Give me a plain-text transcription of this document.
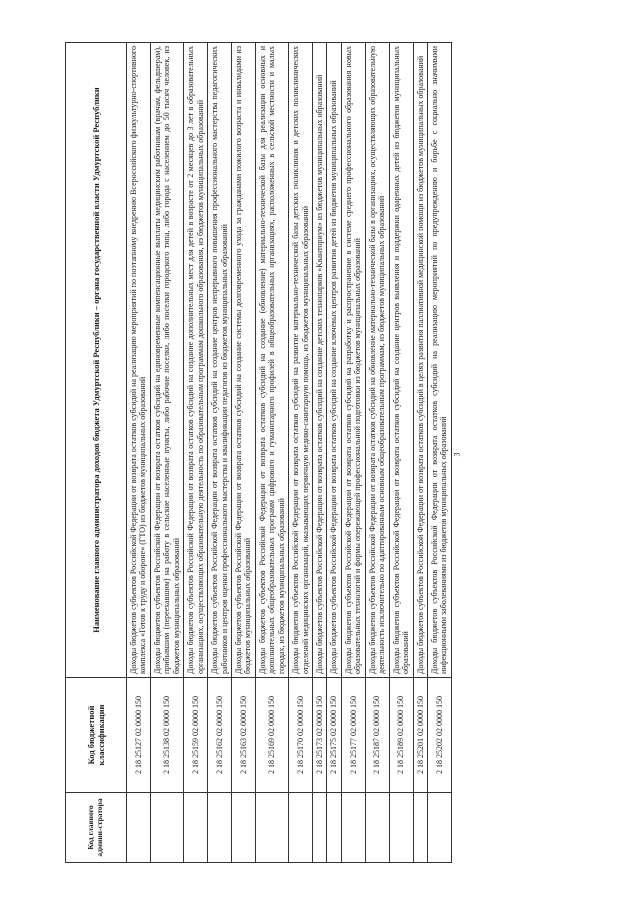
3
Код главного админи-стратора	Код бюджетной классификации	Наименование главного администратора доходов бюджета Удмуртской Республики – органа государственной власти Удмуртской Республики
	2 18 25127 02 0000 150	Доходы бюджетов субъектов Российской Федерации от возврата остатков субсидий на реализацию мероприятий по поэтапному внедрению Всероссийского физкультурно-спортивного комплекса «Готов к труду и обороне» (ГТО) из бюджетов муниципальных образований
	2 18 25138 02 0000 150	Доходы бюджетов субъектов Российской Федерации от возврата остатков субсидий на единовременные компенсационные выплаты медицинским работникам (врачам, фельдшерам), прибывшим (переехавшим) на работу в сельские населенные пункты, либо рабочие поселки, либо поселки городского типа, либо города с населением до 50 тысяч человек, из бюджетов муниципальных образований
	2 18 25159 02 0000 150	Доходы бюджетов субъектов Российской Федерации от возврата остатков субсидий на создание дополнительных мест для детей в возрасте от 2 месяцев до 3 лет в образовательных организациях, осуществляющих образовательную деятельность по образовательным программам дошкольного образования, из бюджетов муниципальных образований
	2 18 25162 02 0000 150	Доходы бюджетов субъектов Российской Федерации от возврата остатков субсидий на создание центров непрерывного повышения профессионального мастерства педагогических работников и центров оценки профессионального мастерства и квалификации педагогов из бюджетов муниципальных образований
	2 18 25163 02 0000 150	Доходы бюджетов субъектов Российской Федерации от возврата остатков субсидий на создание системы долговременного ухода за гражданами пожилого возраста и инвалидами из бюджетов муниципальных образований
	2 18 25169 02 0000 150	Доходы бюджетов субъектов Российской Федерации от возврата остатков субсидий на создание (обновление) материально-технической базы для реализации основных и дополнительных общеобразовательных программ цифрового и гуманитарного профилей в общеобразовательных организациях, расположенных в сельской местности и малых городах, из бюджетов муниципальных образований
	2 18 25170 02 0000 150	Доходы бюджетов субъектов Российской Федерации от возврата остатков субсидий на развитие материально-технической базы детских поликлиник и детских поликлинических отделений медицинских организаций, оказывающих первичную медико-санитарную помощь, из бюджетов муниципальных образований
	2 18 25173 02 0000 150	Доходы бюджетов субъектов Российской Федерации от возврата остатков субсидий на создание детских технопарков «Кванториум» из бюджетов муниципальных образований
	2 18 25175 02 0000 150	Доходы бюджетов субъектов Российской Федерации от возврата остатков субсидий на создание ключевых центров развития детей из бюджетов муниципальных образований
	2 18 25177 02 0000 150	Доходы бюджетов субъектов Российской Федерации от возврата остатков субсидий на разработку и распространение в системе среднего профессионального образования новых образовательных технологий и формы опережающей профессиональной подготовки из бюджетов муниципальных образований
	2 18 25187 02 0000 150	Доходы бюджетов субъектов Российской Федерации от возврата остатков субсидий на обновление материально-технической базы в организациях, осуществляющих образовательную деятельность исключительно по адаптированным основным общеобразовательным программам, из бюджетов муниципальных образований
	2 18 25189 02 0000 150	Доходы бюджетов субъектов Российской Федерации от возврата остатков субсидий на создание центров выявления и поддержки одаренных детей из бюджетов муниципальных образований
	2 18 25201 02 0000 150	Доходы бюджетов субъектов Российской Федерации от возврата остатков субсидий в целях развития паллиативной медицинской помощи из бюджетов муниципальных образований
	2 18 25202 02 0000 150	Доходы бюджетов субъектов Российской Федерации от возврата остатков субсидий на реализацию мероприятий по предупреждению и борьбе с социально значимыми инфекционными заболеваниями из бюджетов муниципальных образований
